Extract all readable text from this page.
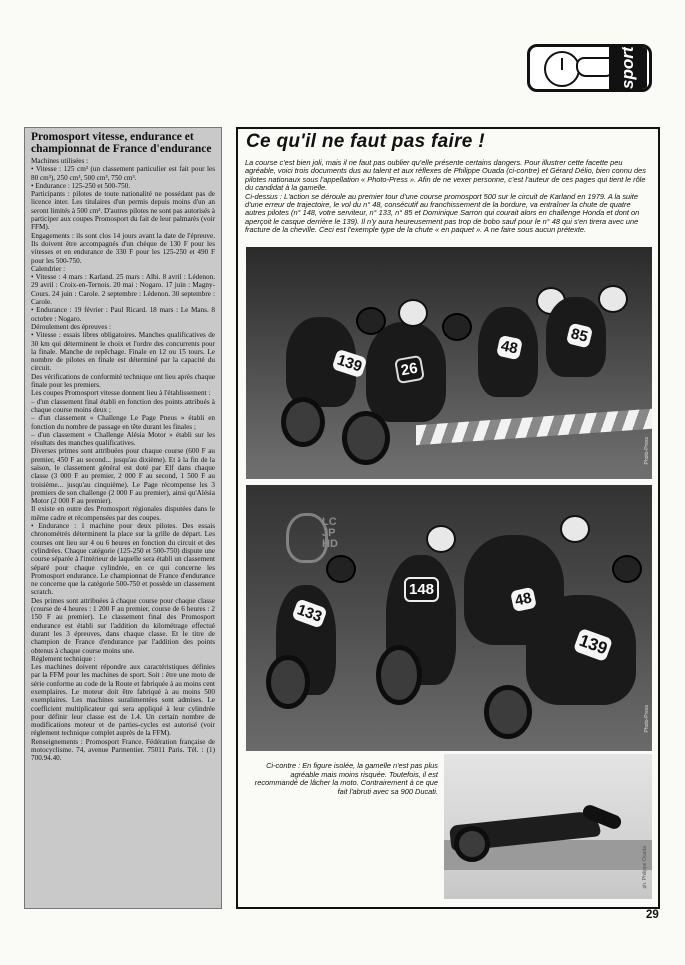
sport
Promosport vitesse, endurance et championnat de France d'endurance

Machines utilisées :

• Vitesse : 125 cm³ (un classement particulier est fait pour les 80 cm³), 250 cm³, 500 cm³, 750 cm³.

• Endurance : 125-250 et 500-750.

Participants : pilotes de toute nationalité ne possédant pas de licence inter. Les titulaires d'un permis depuis moins d'un an seront limités à 500 cm³. D'autres pilotes ne sont pas autorisés à participer aux coupes Promosport du fait de leur palmarès (voir FFM).

Engagements : ils sont clos 14 jours avant la date de l'épreuve. Ils doivent être accompagnés d'un chèque de 130 F pour les vitesses et en endurance de 330 F pour les 125-250 et 490 F pour les 500-750.

Calendrier :

• Vitesse : 4 mars : Karland. 25 mars : Albi. 8 avril : Lédenon. 29 avril : Croix-en-Ternois. 20 mai : Nogaro. 17 juin : Magny-Cours. 24 juin : Carole. 2 septembre : Lédenon. 30 septembre : Carole.

• Endurance : 19 février : Paul Ricard. 18 mars : Le Mans. 8 octobre : Nogaro.

Déroulement des épreuves :

• Vitesse : essais libres obligatoires. Manches qualificatives de 30 km qui déterminent le choix et l'ordre des concurrents pour la finale. Manche de repêchage. Finale en 12 ou 15 tours. Le nombre de pilotes en finale est déterminé par la capacité du circuit.

Des vérifications de conformité technique ont lieu après chaque finale pour les premiers.

Les coupes Promosport vitesse donnent lieu à l'établissement :

– d'un classement final établi en fonction des points attribués à chaque course moins deux ;

– d'un classement « Challenge Le Page Pneus » établi en fonction du nombre de passage en tête durant les finales ;

– d'un classement « Challenge Alésia Motor » établi sur les résultats des manches qualificatives.

Diverses primes sont attribuées pour chaque course (600 F au premier, 450 F au second... jusqu'au dixième). Et à la fin de la saison, le classement général est doté par Elf dans chaque classe (3 000 F au premier, 2 000 F au second, 1 500 F au troisième... jusqu'au cinquième). Le Page récompense les 3 premiers de son challenge (2 000 F au premier), ainsi qu'Alésia Motor (2 000 F au premier).

Il existe en outre des Promosport régionales disputées dans le même cadre et récompensées par des coupes.

• Endurance : 1 machine pour deux pilotes. Des essais chronométrés déterminent la place sur la grille de départ. Les courses ont lieu sur 4 ou 6 heures en fonction du circuit et des cylindrées. Chaque catégorie (125-250 et 500-750) dispute une course séparée à l'intérieur de laquelle sera établi un classement séparé pour chaque cylindrée, en ce qui concerne les Promosport endurance. Le championnat de France d'endurance ne concerne que la catégorie 500-750 et possède un classement scratch.

Des primes sont attribuées à chaque course pour chaque classe (course de 4 heures : 1 200 F au premier, course de 6 heures : 2 150 F au premier). Le classement final des Promosport endurance est établi sur l'addition du kilométrage effectué durant les 3 épreuves, dans chaque classe. Et le titre de champion de France d'endurance par l'addition des points obtenus à chaque course moins une.

Réglement technique :

Les machines doivent répondre aux caractéristiques définies par la FFM pour les machines de sport. Soit : être une moto de série conforme au code de la Route et fabriquée à au moins cent exemplaires. Le moteur doit être fabriqué à au moins 500 exemplaires. Les machines suralimentées sont admises. Le coefficient multiplicateur qui sera appliqué à leur cylindrée pour définir leur classe est de 1.4. Un certain nombre de modifications moteur et de parties-cycles est autorisé (voir réglement technique complet auprès de la FFM).

Renseignements : Promosport France. Fédération française de motocyclisme. 74, avenue Parmentier. 75011 Paris. Tél. : (1) 700.94.40.

Ce qu'il ne faut pas faire !

La course c'est bien joli, mais il ne faut pas oublier qu'elle présente certains dangers. Pour illustrer cette facette peu agréable, voici trois documents dus au talent et aux réflexes de Philippe Ouada (ci-contre) et Gérard Délio, bien connu des pilotes nationaux sous l'appellation « Photo-Press ». Afin de ne vexer personne, c'est l'auteur de ces pages qui tient le rôle du candidat à la gamelle.

Ci-dessus : L'action se déroule au premier tour d'une course promosport 500 sur le circuit de Karland en 1979. A la suite d'une erreur de trajectoire, le vol du n° 48, consécutif au franchissement de la bordure, va entraîner la chute de quatre autres pilotes (n° 148, votre serviteur, n° 133, n° 85 et Dominique Sarron qui courait alors en challenge Honda et dont on aperçoit le casque derrière le 139). Il n'y aura heureusement pas trop de bobo sauf pour le n° 48 qui s'en tirera avec une fracture de la cheville. Ceci est l'exemple type de la chute « en paquet ». A ne faire sous aucun prétexte.

139	26
48
85
Photo-Press
LC
JP
HD
133
148	48
139
Photo-Press
Ci-contre : En figure isolée, la gamelle n'est pas plus agréable mais moins risquée. Toutefois, il est recommandé de lâcher la moto. Contrairement à ce que fait l'abruti avec sa 900 Ducati.
ph. Philippe Ouada
29
